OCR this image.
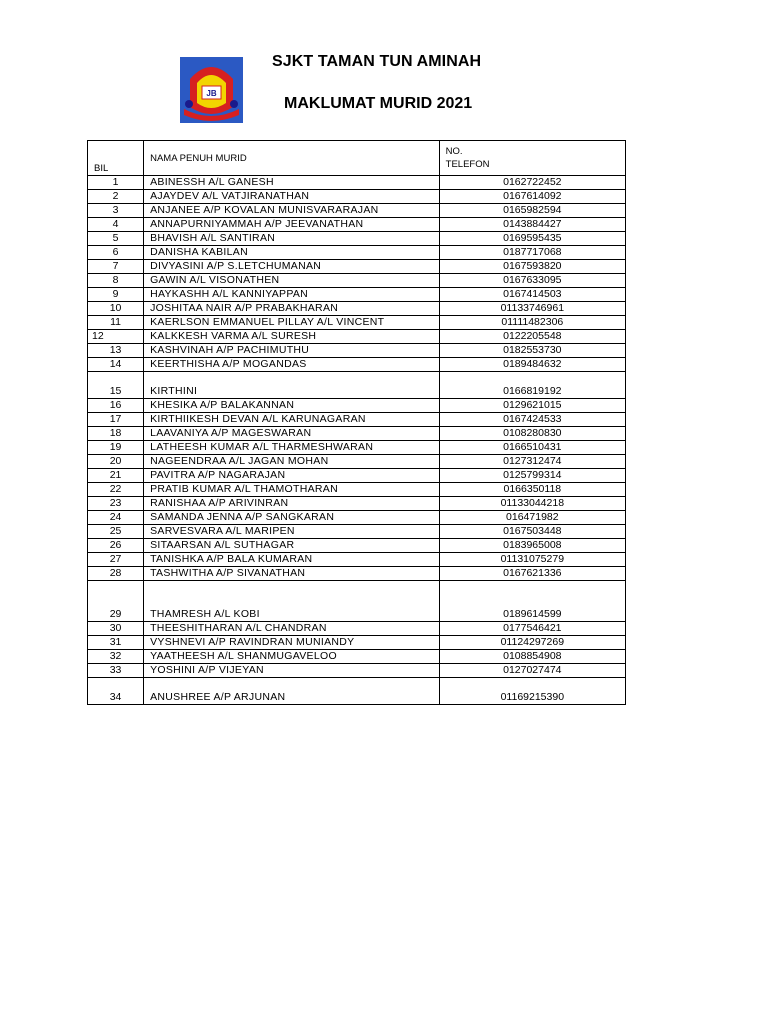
JB
SJKT TAMAN TUN AMINAH
MAKLUMAT MURID 2021
BIL	NAMA PENUH MURID	NO.
TELEFON

1	ABINESSH A/L GANESH	0162722452
2	AJAYDEV A/L VATJIRANATHAN	0167614092
3	ANJANEE A/P KOVALAN MUNISVARARAJAN	0165982594
4	ANNAPURNIYAMMAH A/P JEEVANATHAN	0143884427
5	BHAVISH A/L SANTIRAN	0169595435
6	DANISHA KABILAN	0187717068
7	DIVYASINI A/P S.LETCHUMANAN	0167593820
8	GAWIN A/L VISONATHEN	0167633095
9	HAYKASHH A/L KANNIYAPPAN	0167414503
10	JOSHITAA NAIR A/P PRABAKHARAN	01133746961
11	KAERLSON EMMANUEL PILLAY A/L VINCENT	01111482306
12	KALKKESH VARMA A/L SURESH	0122205548
13	KASHVINAH A/P PACHIMUTHU	0182553730
14	KEERTHISHA A/P MOGANDAS	0189484632
15	KIRTHINI	0166819192
16	KHESIKA A/P BALAKANNAN	0129621015
17	KIRTHIIKESH DEVAN A/L KARUNAGARAN	0167424533
18	LAAVANIYA A/P MAGESWARAN	0108280830
19	LATHEESH KUMAR A/L THARMESHWARAN	0166510431
20	NAGEENDRAA A/L JAGAN MOHAN	0127312474
21	PAVITRA A/P NAGARAJAN	0125799314
22	PRATIB KUMAR A/L THAMOTHARAN	0166350118
23	RANISHAA A/P ARIVINRAN	01133044218
24	SAMANDA JENNA A/P SANGKARAN	016471982
25	SARVESVARA A/L MARIPEN	0167503448
26	SITAARSAN A/L SUTHAGAR	0183965008
27	TANISHKA A/P BALA KUMARAN	01131075279
28	TASHWITHA A/P SIVANATHAN	0167621336
29	THAMRESH A/L KOBI	0189614599
30	THEESHITHARAN A/L CHANDRAN	0177546421
31	VYSHNEVI A/P RAVINDRAN MUNIANDY	01124297269
32	YAATHEESH A/L SHANMUGAVELOO	0108854908
33	YOSHINI A/P VIJEYAN	0127027474
34	ANUSHREE A/P ARJUNAN	01169215390
